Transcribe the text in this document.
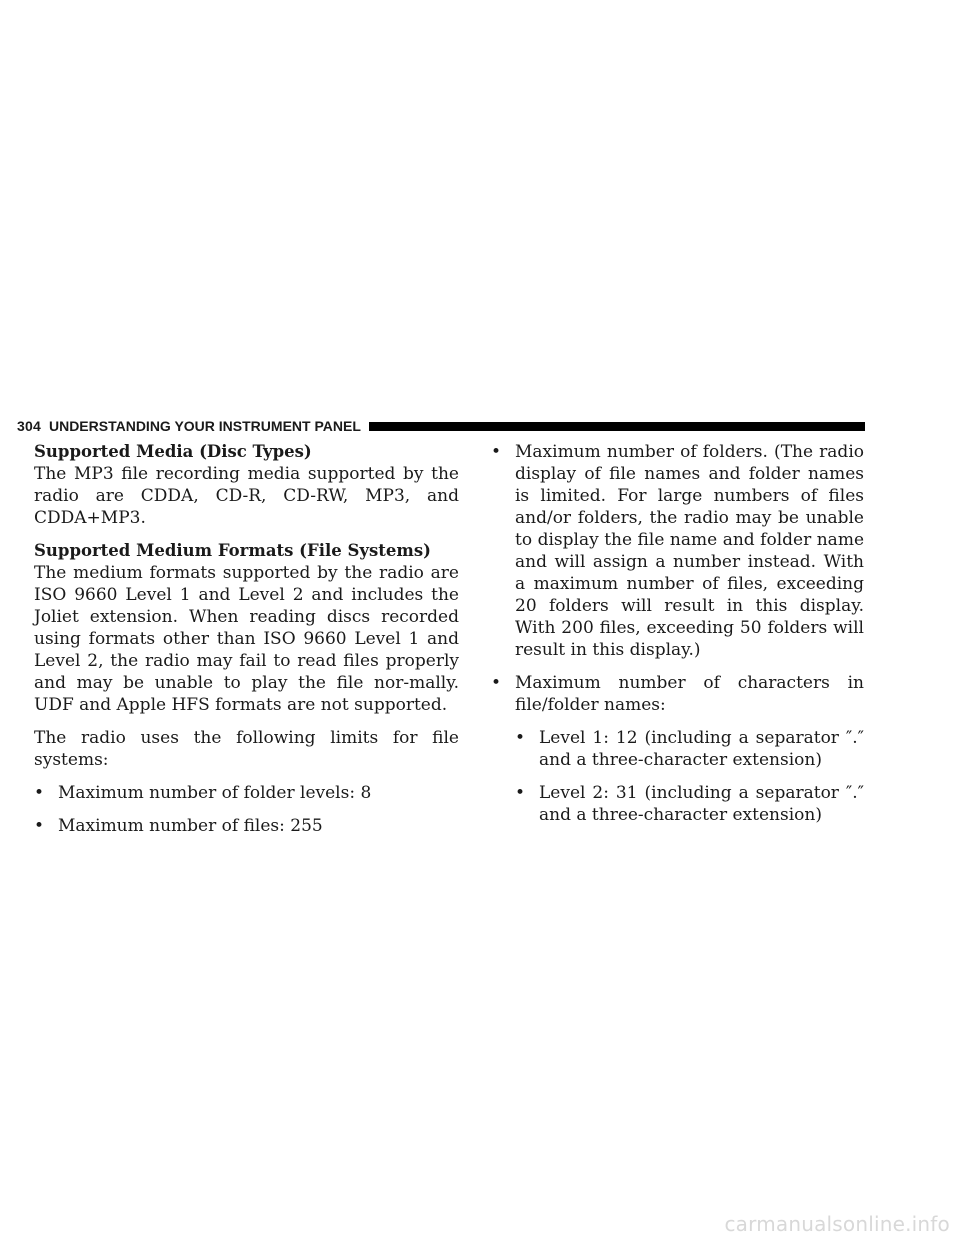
304 UNDERSTANDING YOUR INSTRUMENT PANEL
Supported Media (Disc Types)

The MP3 file recording media supported by the radio are CDDA, CD-R, CD-RW, MP3, and CDDA+MP3.

Supported Medium Formats (File Systems)

The medium formats supported by the radio are ISO 9660 Level 1 and Level 2 and includes the Joliet extension. When reading discs recorded using formats other than ISO 9660 Level 1 and Level 2, the radio may fail to read files properly and may be unable to play the file nor-mally. UDF and Apple HFS formats are not supported.

The radio uses the following limits for file systems:

• Maximum number of folder levels: 8
• Maximum number of files: 255
• Maximum number of folders. (The radio display of file names and folder names is limited. For large numbers of files and/or folders, the radio may be unable to display the file name and folder name and will assign a number instead. With a maximum number of files, exceeding 20 folders will result in this display. With 200 files, exceeding 50 folders will result in this display.)
• Maximum number of characters in file/folder names:
• Level 1: 12 (including a separator ″.″ and a three-character extension)
• Level 2: 31 (including a separator ″.″ and a three-character extension)
carmanualsonline.info
